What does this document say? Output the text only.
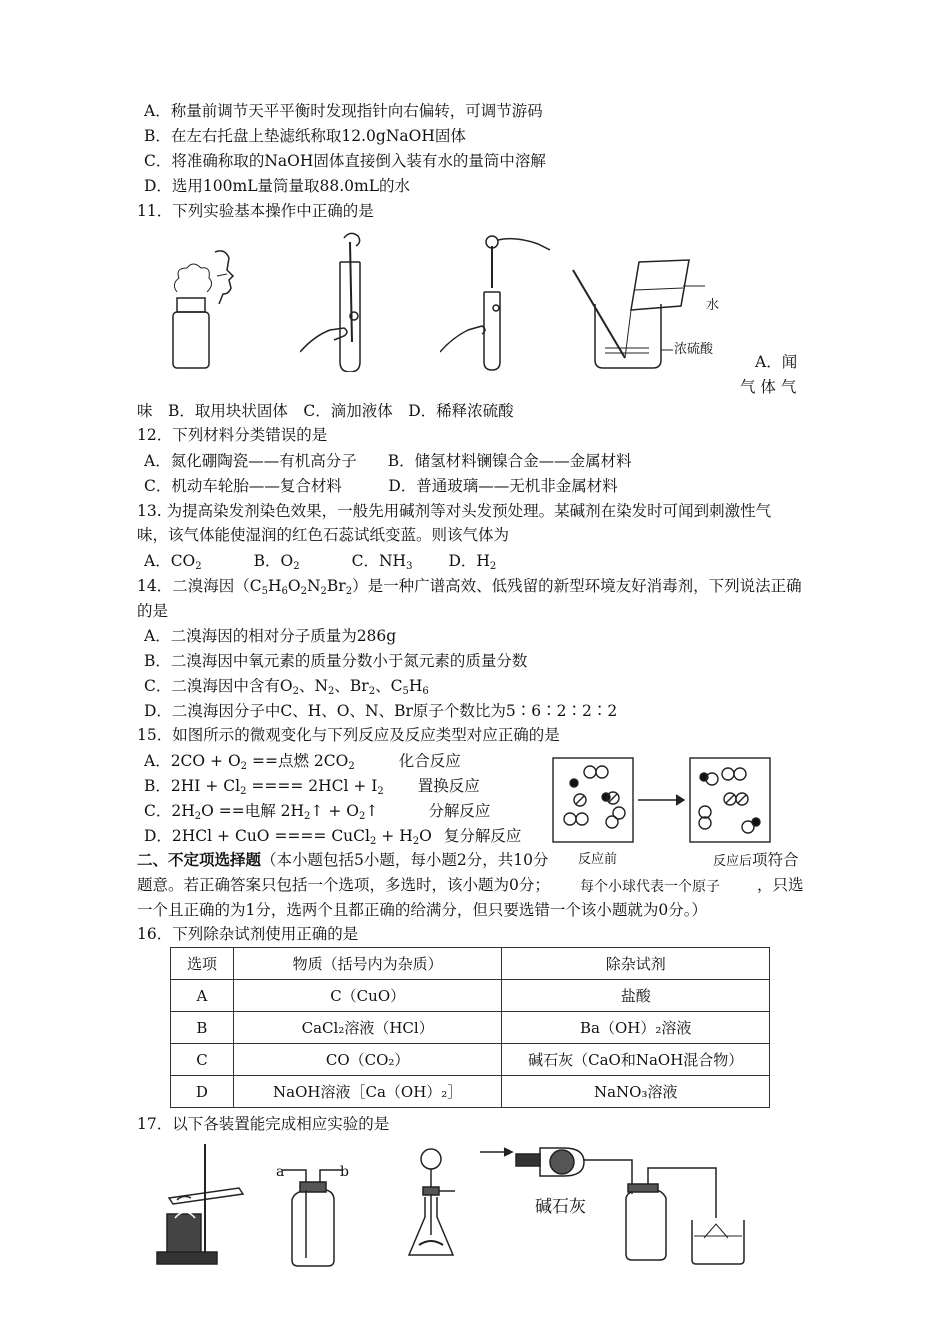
A．称量前调节天平平衡时发现指针向右偏转，可调节游码
B．在左右托盘上垫滤纸称取12.0gNaOH固体
C．将准确称取的NaOH固体直接倒入装有水的量筒中溶解
D．选用100mL量筒量取88.0mL的水
11．下列实验基本操作中正确的是
水
浓硫酸
A．闻
气 体 气
味　B．取用块状固体　C．滴加液体　D．稀释浓硫酸
12．下列材料分类错误的是
A．氮化硼陶瓷——有机高分子　　B．储氢材料镧镍合金——金属材料
C．机动车轮胎——复合材料　　　D．普通玻璃——无机非金属材料
13. 为提高染发剂染色效果，一般先用碱剂等对头发预处理。某碱剂在染发时可闻到刺激性气
味，该气体能使湿润的红色石蕊试纸变蓝。则该气体为
A．$CO_2$	B．$O_2$	C．$NH_3$ D．$H_2$
14．二溴海因$(C_5H_6O_2N_2Br_2)$是一种广谱高效、低残留的新型环境友好消毒剂，下列说法正确
的是
A．二溴海因的相对分子质量为286g
B．二溴海因中氧元素的质量分数小于氮元素的质量分数
C．二溴海因中含有$O_2$、$N_2$、$Br_2$、$C_5H_6$
D．二溴海因分子中C、H、O、N、Br原子个数比为5∶6∶2∶2∶2
15．如图所示的微观变化与下列反应及反应类型对应正确的是
A．$2CO + O_2$ ==点燃 $2CO_2$	化合反应
B．$2HI + Cl_2$ ==== $2HCl + I_2$ 置换反应
C．$2H_2O$ ==电解 $2H_2↑$ + $O_2↑$	分解反应
D．2HCl + CuO ==== CuCl$_2$ + $H_2O$ 复分解反应
二、不定项选择题（本小题包括5小题，每小题2分，共10分 反应前	反应后项符合
题意。若正确答案只包括一个选项，多选时，该小题为0分； 每个小球代表一个原子 ，只选
一个且正确的为1分，选两个且都正确的给满分，但只要选错一个该小题就为0分。）
16．下列除杂试剂使用正确的是
选项	物质（括号内为杂质）	除杂试剂
A	C（CuO）	盐酸
B	CaCl₂溶液（HCl）	Ba（OH）₂溶液
C	CO（CO₂）	碱石灰（CaO和NaOH混合物）
D	NaOH溶液［Ca（OH）₂］	NaNO₃溶液
17．以下各装置能完成相应实验的是
a	b
碱石灰
